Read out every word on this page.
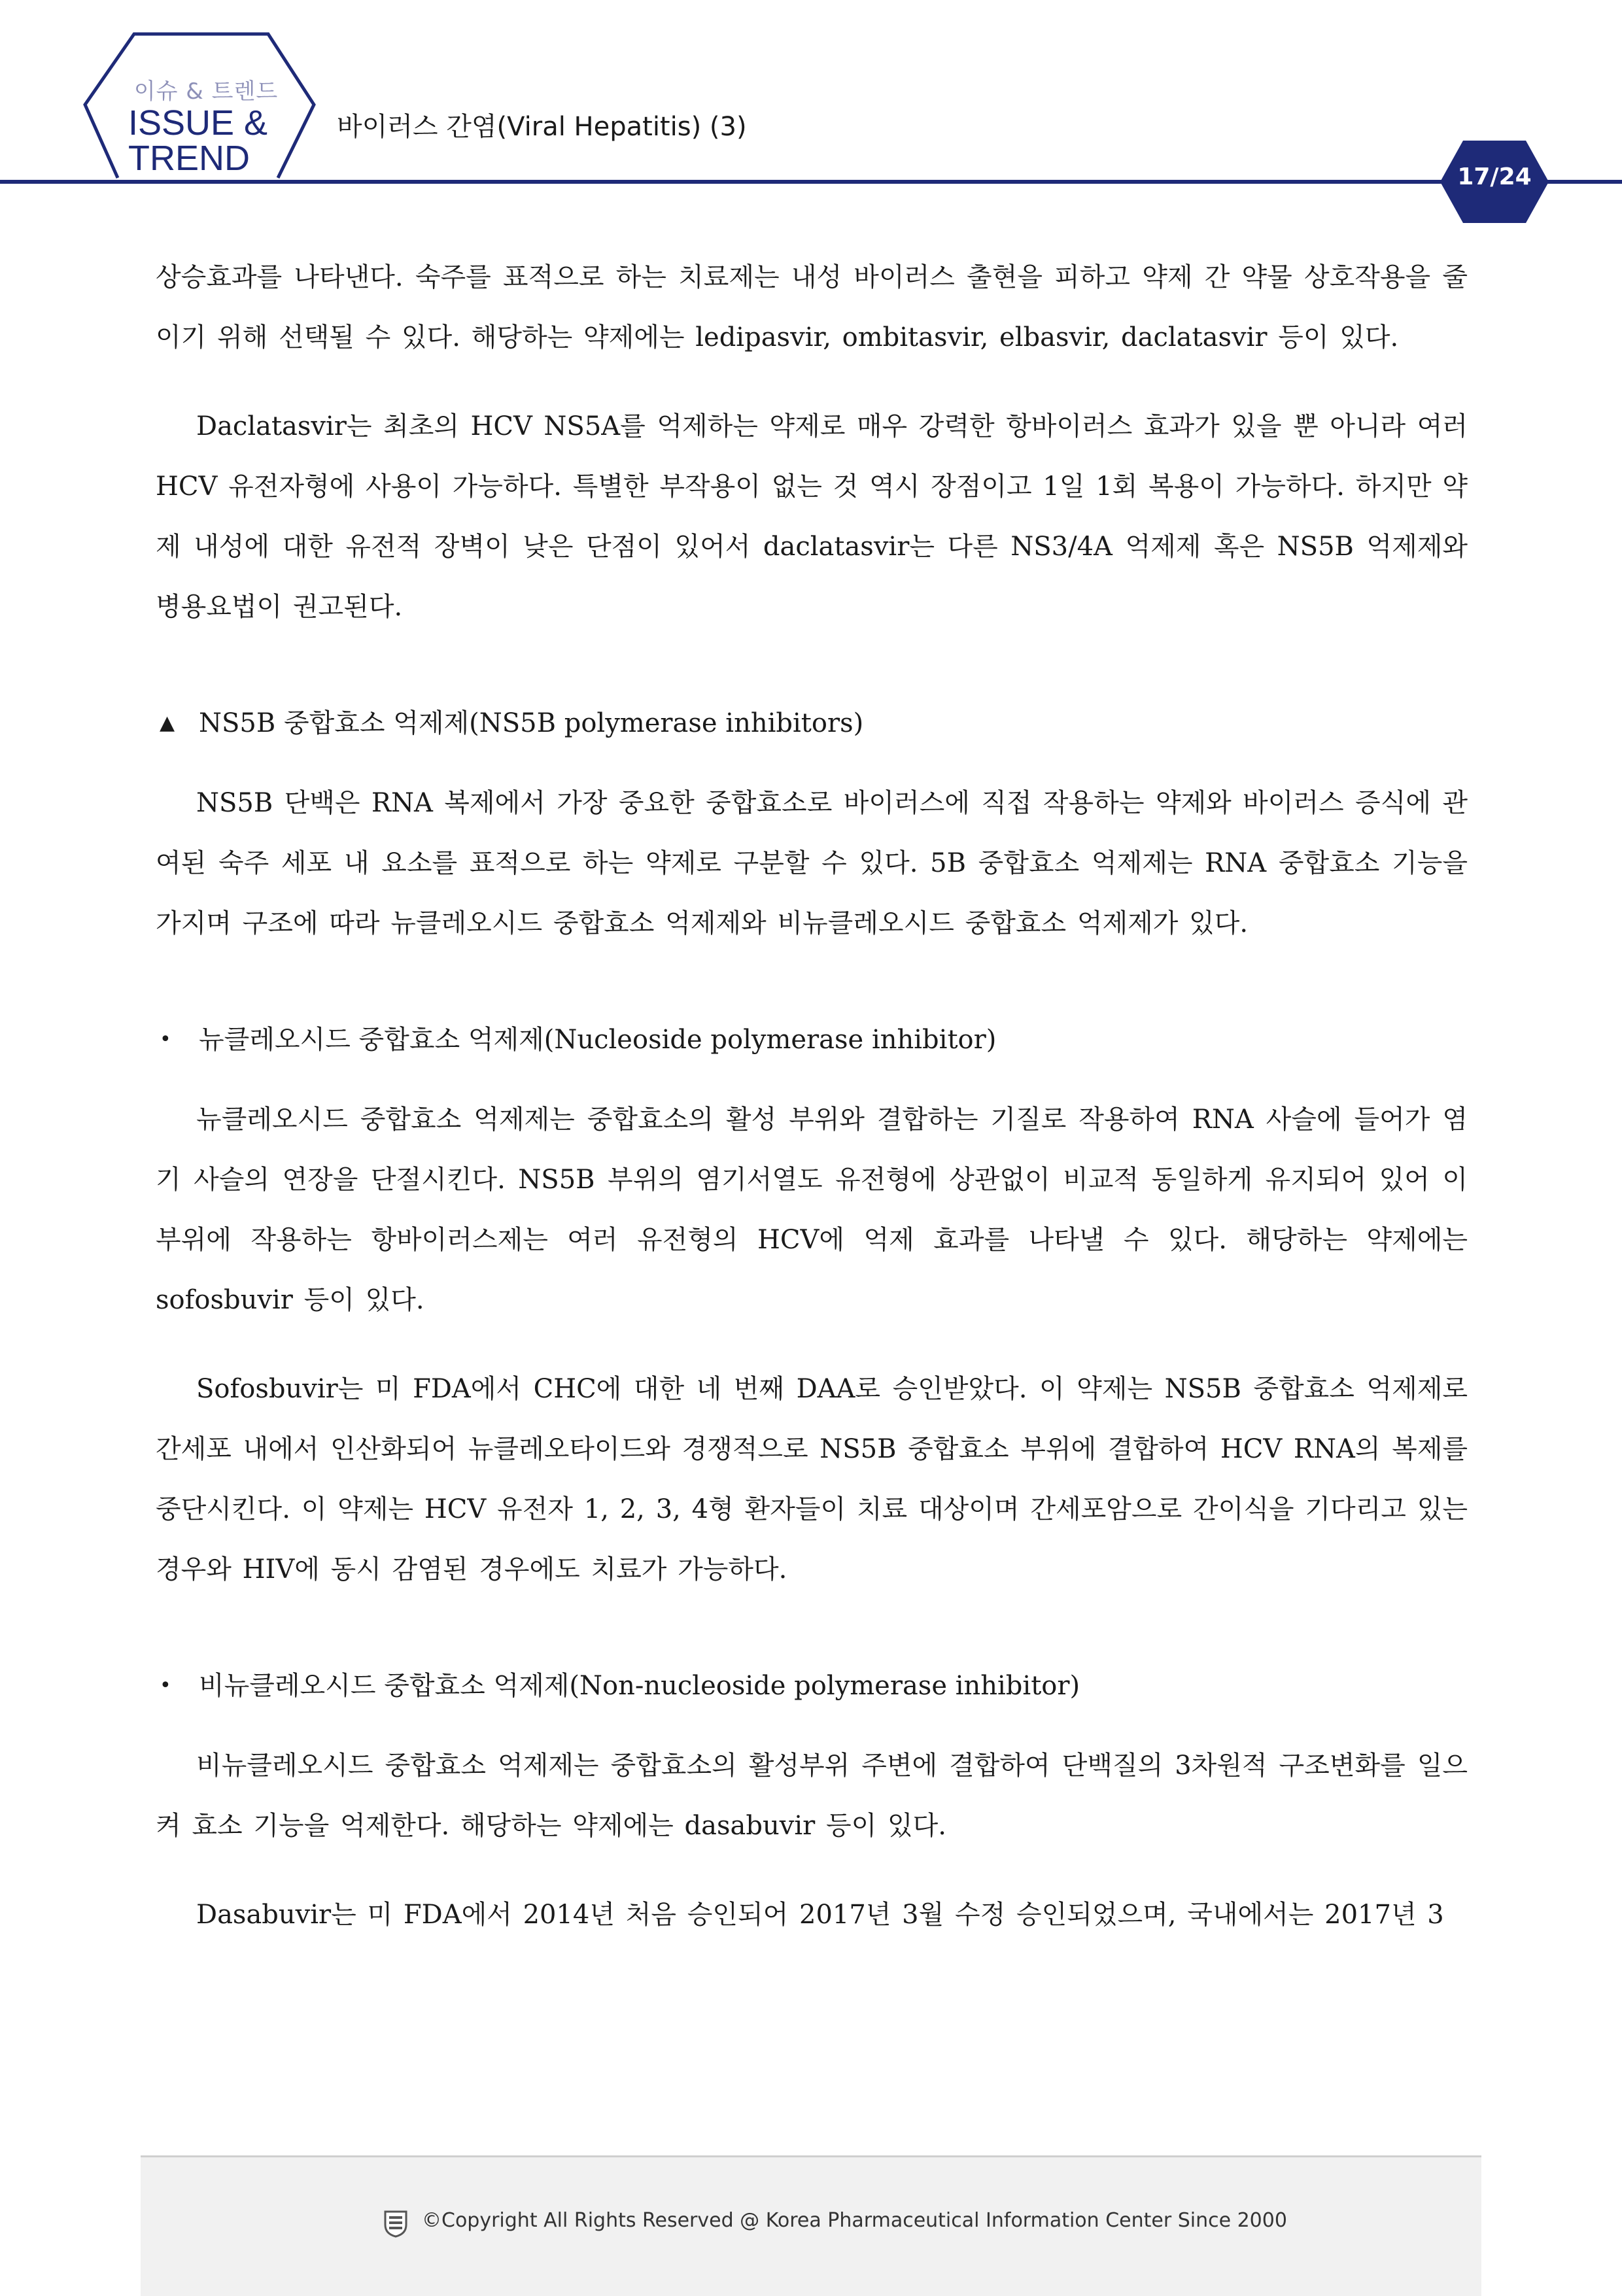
이슈 & 트렌드
ISSUE &
TREND
바이러스 간염(Viral Hepatitis) (3)
17/24

상승효과를 나타낸다. 숙주를 표적으로 하는 치료제는 내성 바이러스 출현을 피하고 약제 간 약물 상호작용을 줄이기 위해 선택될 수 있다. 해당하는 약제에는 ledipasvir, ombitasvir, elbasvir, daclatasvir 등이 있다.

Daclatasvir는 최초의 HCV NS5A를 억제하는 약제로 매우 강력한 항바이러스 효과가 있을 뿐 아니라 여러 HCV 유전자형에 사용이 가능하다. 특별한 부작용이 없는 것 역시 장점이고 1일 1회 복용이 가능하다. 하지만 약제 내성에 대한 유전적 장벽이 낮은 단점이 있어서 daclatasvir는 다른 NS3/4A 억제제 혹은 NS5B 억제제와 병용요법이 권고된다.

▲ NS5B 중합효소 억제제(NS5B polymerase inhibitors)

NS5B 단백은 RNA 복제에서 가장 중요한 중합효소로 바이러스에 직접 작용하는 약제와 바이러스 증식에 관여된 숙주 세포 내 요소를 표적으로 하는 약제로 구분할 수 있다. 5B 중합효소 억제제는 RNA 중합효소 기능을 가지며 구조에 따라 뉴클레오시드 중합효소 억제제와 비뉴클레오시드 중합효소 억제제가 있다.

•	뉴클레오시드 중합효소 억제제(Nucleoside polymerase inhibitor)

뉴클레오시드 중합효소 억제제는 중합효소의 활성 부위와 결합하는 기질로 작용하여 RNA 사슬에 들어가 염기 사슬의 연장을 단절시킨다. NS5B 부위의 염기서열도 유전형에 상관없이 비교적 동일하게 유지되어 있어 이 부위에 작용하는 항바이러스제는 여러 유전형의 HCV에 억제 효과를 나타낼 수 있다. 해당하는 약제에는 sofosbuvir 등이 있다.

Sofosbuvir는 미 FDA에서 CHC에 대한 네 번째 DAA로 승인받았다. 이 약제는 NS5B 중합효소 억제제로 간세포 내에서 인산화되어 뉴클레오타이드와 경쟁적으로 NS5B 중합효소 부위에 결합하여 HCV RNA의 복제를 중단시킨다. 이 약제는 HCV 유전자 1, 2, 3, 4형 환자들이 치료 대상이며 간세포암으로 간이식을 기다리고 있는 경우와 HIV에 동시 감염된 경우에도 치료가 가능하다.

•	비뉴클레오시드 중합효소 억제제(Non-nucleoside polymerase inhibitor)

비뉴클레오시드 중합효소 억제제는 중합효소의 활성부위 주변에 결합하여 단백질의 3차원적 구조변화를 일으켜 효소 기능을 억제한다. 해당하는 약제에는 dasabuvir 등이 있다.

Dasabuvir는 미 FDA에서 2014년 처음 승인되어 2017년 3월 수정 승인되었으며, 국내에서는 2017년 3

©Copyright All Rights Reserved @ Korea Pharmaceutical Information Center Since 2000
